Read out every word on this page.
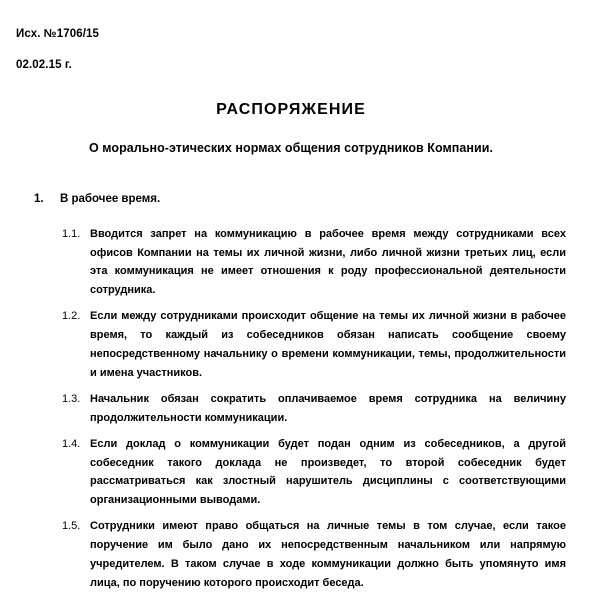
Исх. №1706/15
02.02.15 г.
РАСПОРЯЖЕНИЕ
О морально-этических нормах общения сотрудников Компании.
1.	В рабочее время.
1.1. Вводится запрет на коммуникацию в рабочее время между сотрудниками всех офисов Компании на темы их личной жизни, либо личной жизни третьих лиц, если эта коммуникация не имеет отношения к роду профессиональной деятельности сотрудника.
1.2. Если между сотрудниками происходит общение на темы их личной жизни в рабочее время, то каждый из собеседников обязан написать сообщение своему непосредственному начальнику о времени коммуникации, темы, продолжительности и имена участников.
1.3. Начальник обязан сократить оплачиваемое время сотрудника на величину продолжительности коммуникации.
1.4. Если доклад о коммуникации будет подан одним из собеседников, а другой собеседник такого доклада не произведет, то второй собеседник будет рассматриваться как злостный нарушитель дисциплины с соответствующими организационными выводами.
1.5. Сотрудники имеют право общаться на личные темы в том случае, если такое поручение им было дано их непосредственным начальником или напрямую учредителем. В таком случае в ходе коммуникации должно быть упомянуто имя лица, по поручению которого происходит беседа.
